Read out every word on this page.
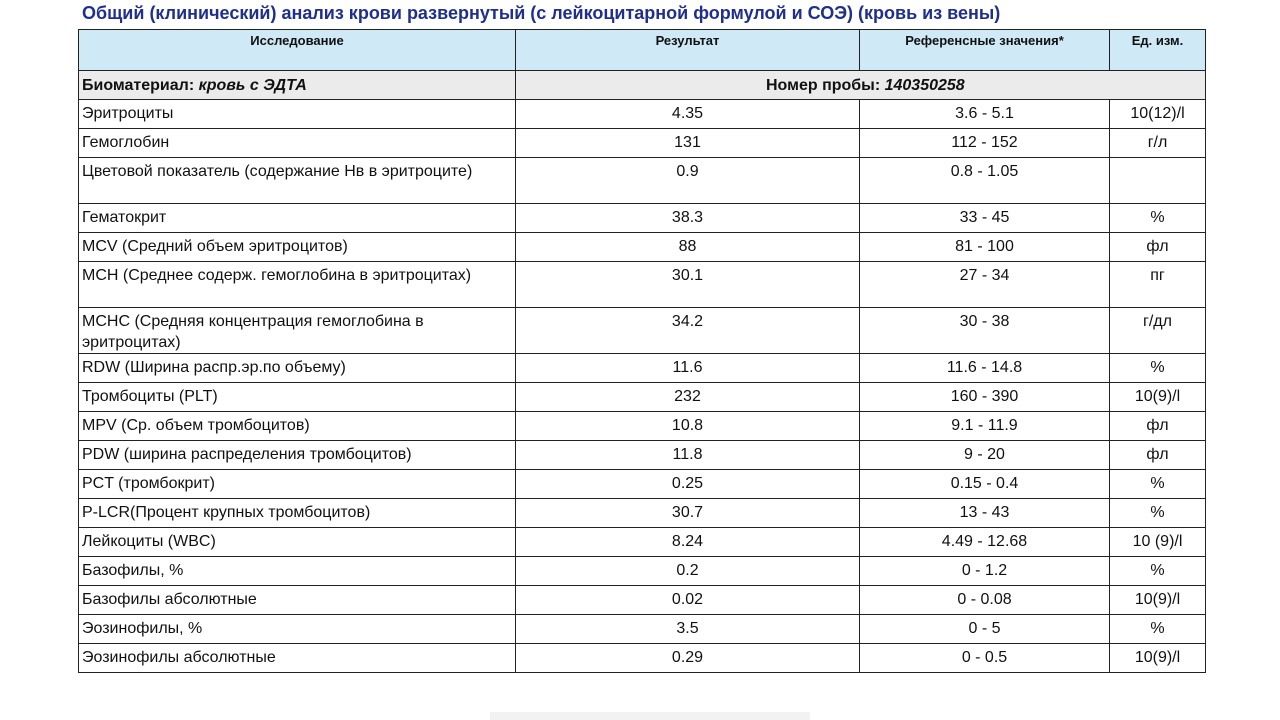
Общий (клинический) анализ крови развернутый (с лейкоцитарной формулой и СОЭ) (кровь из вены)
Исследование	Результат	Референсные значения*	Ед. изм.
Биоматериал: кровь с ЭДТА	Номер пробы: 140350258		
Эритроциты	4.35	3.6 - 5.1	10(12)/l
Гемоглобин	131	112 - 152	г/л
Цветовой показатель (содержание Нв в эритроците)	0.9	0.8 - 1.05	
Гематокрит	38.3	33 - 45	%
MCV (Средний объем эритроцитов)	88	81 - 100	фл
MCH (Среднее содерж. гемоглобина в эритроцитах)	30.1	27 - 34	пг
MCHC (Средняя концентрация гемоглобина в эритроцитах)	34.2	30 - 38	г/дл
RDW (Ширина распр.эр.по объему)	11.6	11.6 - 14.8	%
Тромбоциты (PLT)	232	160 - 390	10(9)/l
MPV (Ср. объем тромбоцитов)	10.8	9.1 - 11.9	фл
PDW (ширина распределения тромбоцитов)	11.8	9 - 20	фл
PCT (тромбокрит)	0.25	0.15 - 0.4	%
P-LCR(Процент крупных тромбоцитов)	30.7	13 - 43	%
Лейкоциты (WBC)	8.24	4.49 - 12.68	10 (9)/l
Базофилы, %	0.2	0 - 1.2	%
Базофилы абсолютные	0.02	0 - 0.08	10(9)/l
Эозинофилы, %	3.5	0 - 5	%
Эозинофилы абсолютные	0.29	0 - 0.5	10(9)/l
